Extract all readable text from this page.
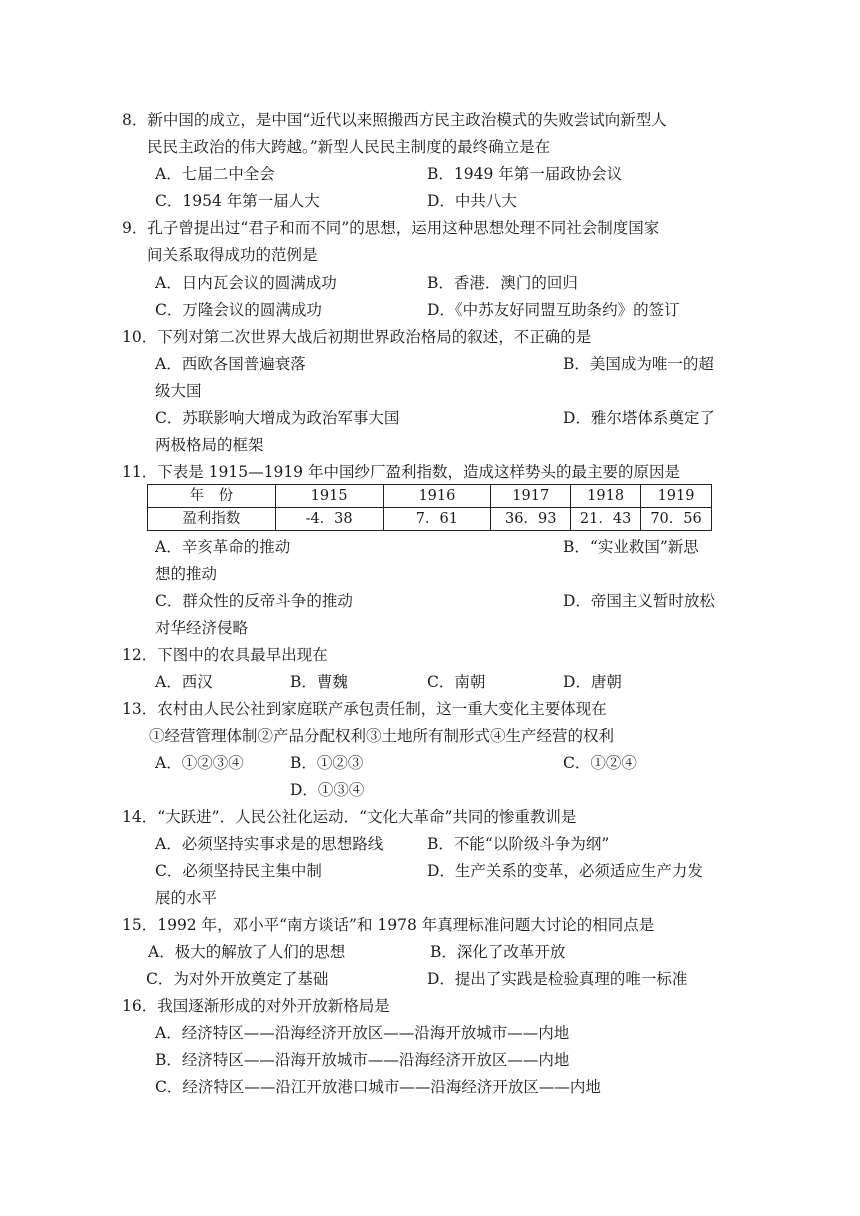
8．新中国的成立，是中国“近代以来照搬西方民主政治模式的失败尝试向新型人
民民主政治的伟大跨越。”新型人民民主制度的最终确立是在
A．七届二中全会	B．1949 年第一届政协会议
C．1954 年第一届人大	D．中共八大
9．孔子曾提出过“君子和而不同”的思想，运用这种思想处理不同社会制度国家
间关系取得成功的范例是
A．日内瓦会议的圆满成功	B．香港．澳门的回归
C．万隆会议的圆满成功	D．《中苏友好同盟互助条约》的签订
10．下列对第二次世界大战后初期世界政治格局的叙述，不正确的是
A．西欧各国普遍衰落	B．美国成为唯一的超
级大国
C．苏联影响大增成为政治军事大国	D．雅尔塔体系奠定了
两极格局的框架
11．下表是 1915—1919 年中国纱厂盈利指数，造成这样势头的最主要的原因是
年　份	1915	1916	1917	1918	1919
盈利指数	-4．38	7．61	36．93	21．43	70．56
A．辛亥革命的推动	B．“实业救国”新思
想的推动
C．群众性的反帝斗争的推动	D．帝国主义暂时放松
对华经济侵略
12．下图中的农具最早出现在
A．西汉	B．曹魏	C．南朝	D．唐朝
13．农村由人民公社到家庭联产承包责任制，这一重大变化主要体现在
①经营管理体制②产品分配权利③土地所有制形式④生产经营的权利
A．①②③④	B．①②③	C．①②④
D．①③④
14．“大跃进”．人民公社化运动．“文化大革命”共同的惨重教训是
A．必须坚持实事求是的思想路线	B．不能“以阶级斗争为纲”
C．必须坚持民主集中制	D．生产关系的变革，必须适应生产力发
展的水平
15．1992 年，邓小平“南方谈话”和 1978 年真理标准问题大讨论的相同点是
A．极大的解放了人们的思想	B．深化了改革开放
C．为对外开放奠定了基础	D．提出了实践是检验真理的唯一标准
16．我国逐渐形成的对外开放新格局是
A．经济特区——沿海经济开放区——沿海开放城市——内地
B．经济特区——沿海开放城市——沿海经济开放区——内地
C．经济特区——沿江开放港口城市——沿海经济开放区——内地
